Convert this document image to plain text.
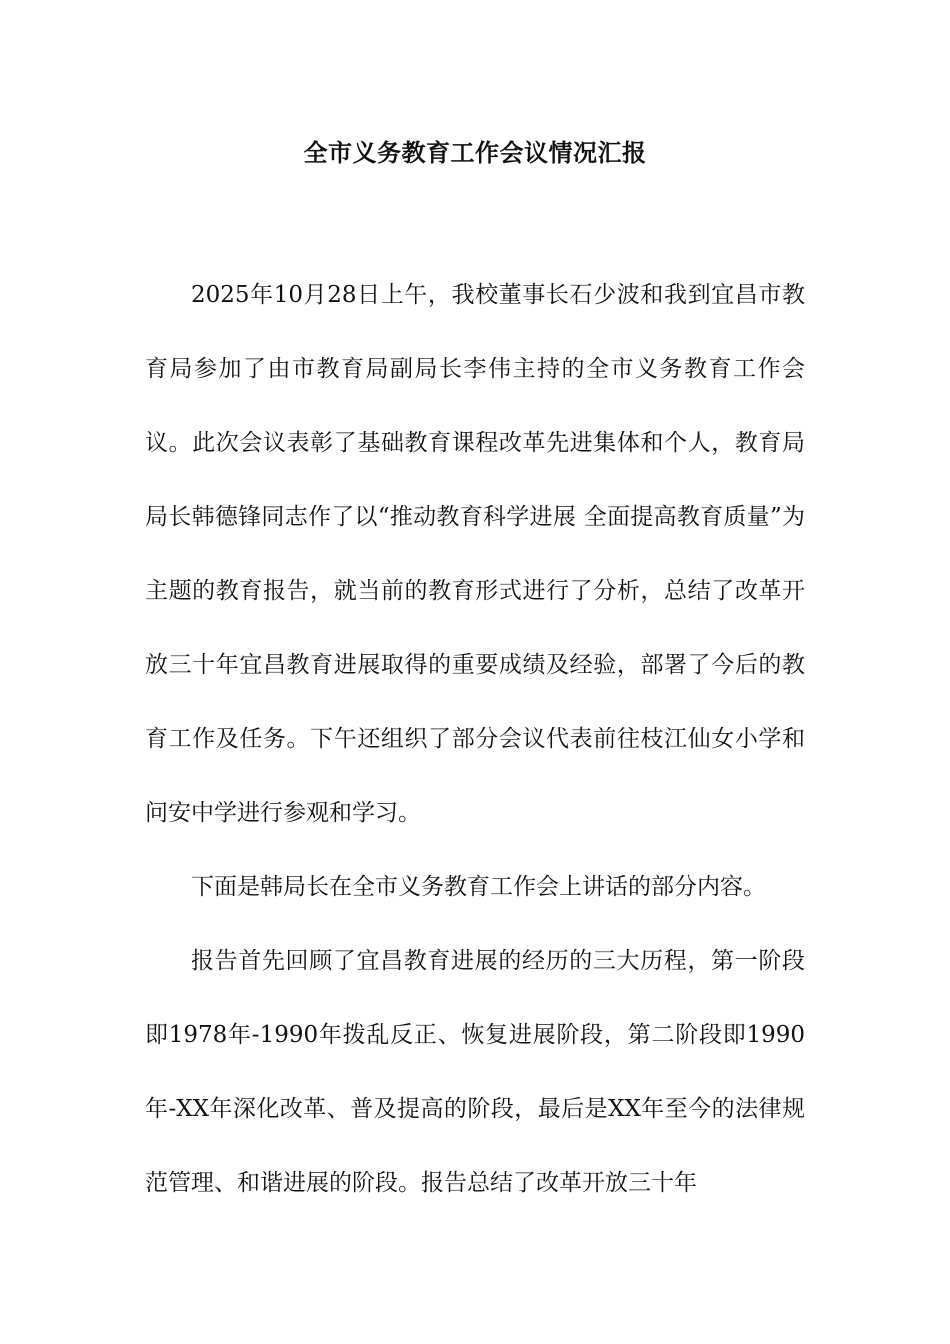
全市义务教育工作会议情况汇报

2025年10月28日上午，我校董事长石少波和我到宜昌市教育局参加了由市教育局副局长李伟主持的全市义务教育工作会议。此次会议表彰了基础教育课程改革先进集体和个人，教育局局长韩德锋同志作了以“推动教育科学进展 全面提高教育质量”为主题的教育报告，就当前的教育形式进行了分析，总结了改革开放三十年宜昌教育进展取得的重要成绩及经验，部署了今后的教育工作及任务。下午还组织了部分会议代表前往枝江仙女小学和问安中学进行参观和学习。

下面是韩局长在全市义务教育工作会上讲话的部分内容。

报告首先回顾了宜昌教育进展的经历的三大历程，第一阶段即1978年-1990年拨乱反正、恢复进展阶段，第二阶段即1990年-XX年深化改革、普及提高的阶段，最后是XX年至今的法律规范管理、和谐进展的阶段。报告总结了改革开放三十年
